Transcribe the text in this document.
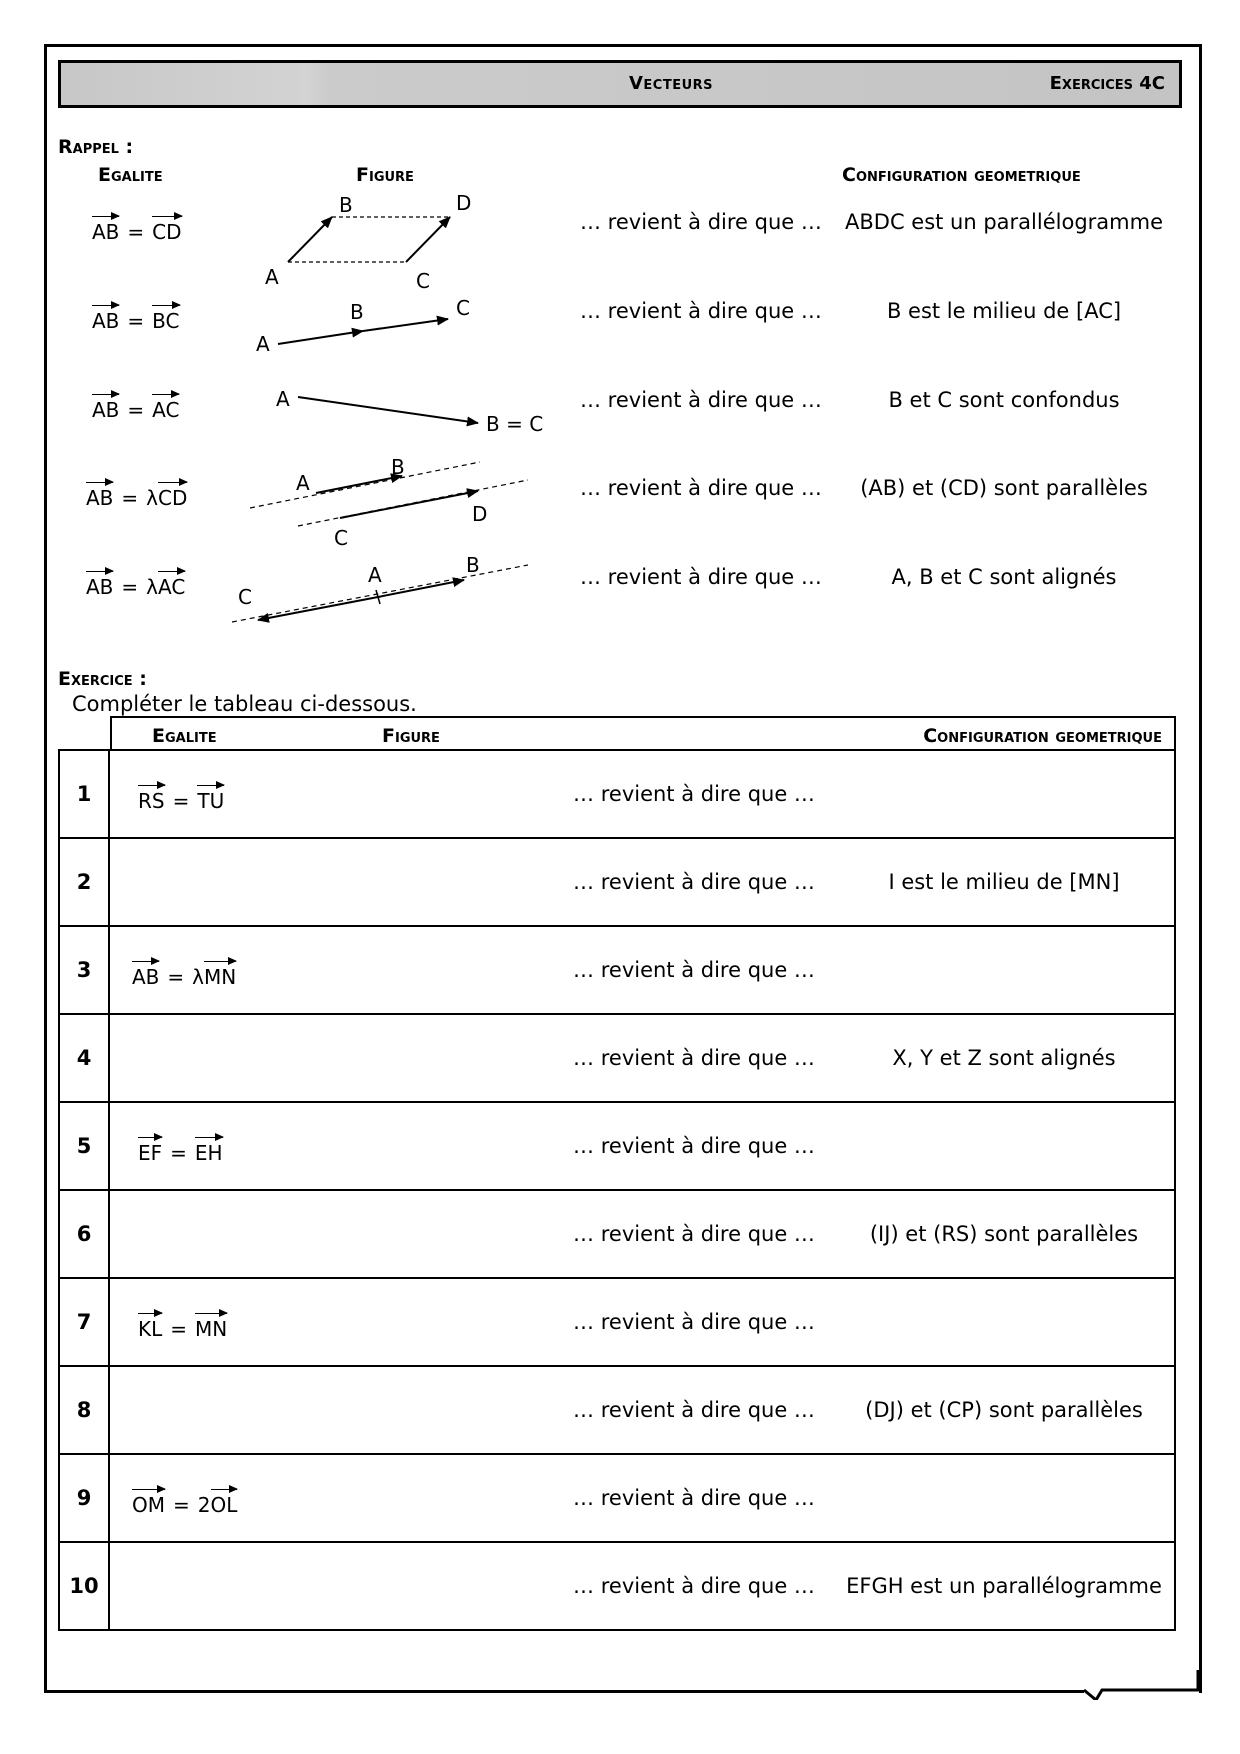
Vecteurs	Exercices 4C
Rappel :
Egalite	Figure	Configuration geometrique
AB = CD	… revient à dire que …	ABDC est un parallélogramme
AB = BC	… revient à dire que …	B est le milieu de [AC]
AB = AC	… revient à dire que …	B et C sont confondus
AB = λCD	… revient à dire que …	(AB) et (CD) sont parallèles
AB = λAC	… revient à dire que …	A, B et C sont alignés
B	D
A	C
B	C
A
A
B = C
B
A
D
C
A	B
C
Exercice :
Compléter le tableau ci-dessous.
Egalite	Figure	Configuration geometrique
1	RS = TU	… revient à dire que …	
2		… revient à dire que …	I est le milieu de [MN]
3	AB = λMN	… revient à dire que …	
4		… revient à dire que …	X, Y et Z sont alignés
5	EF = EH	… revient à dire que …	
6		… revient à dire que …	(IJ) et (RS) sont parallèles
7	KL = MN	… revient à dire que …	
8		… revient à dire que …	(DJ) et (CP) sont parallèles
9	OM = 2OL	… revient à dire que …	
10		… revient à dire que …	EFGH est un parallélogramme
